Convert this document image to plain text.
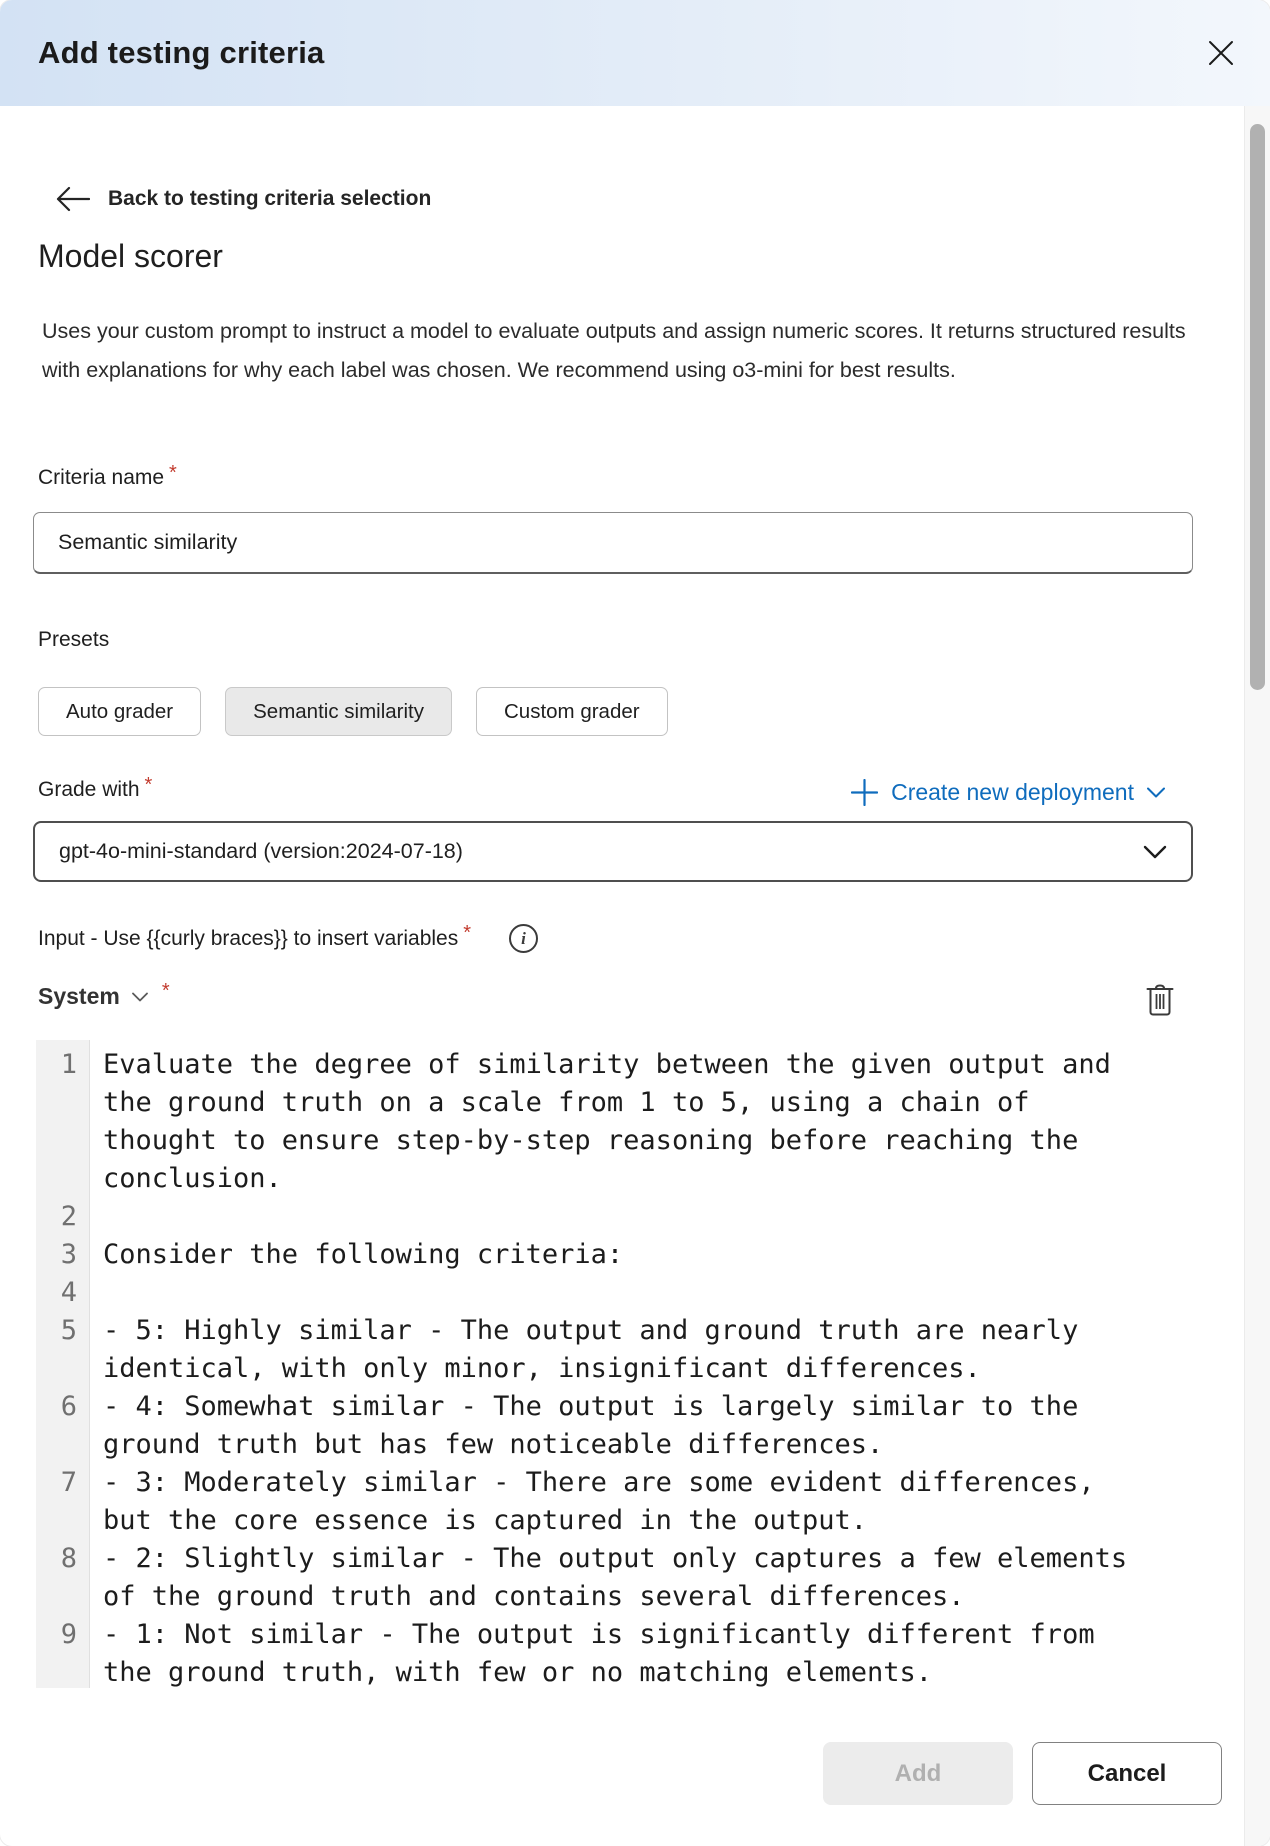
Add testing criteria
Back to testing criteria selection
Model scorer
Uses your custom prompt to instruct a model to evaluate outputs and assign numeric scores. It returns structured results with explanations for why each label was chosen. We recommend using o3-mini for best results.
Criteria name *
Semantic similarity
Presets
Auto grader	Semantic similarity	Custom grader
Grade with *	Create new deployment
gpt-4o-mini-standard (version:2024-07-18)
Input - Use {{curly braces}} to insert variables *	i
System *
1 Evaluate the degree of similarity between the given output and
the ground truth on a scale from 1 to 5, using a chain of
thought to ensure step-by-step reasoning before reaching the
conclusion.
2
3 Consider the following criteria:
4
5 - 5: Highly similar - The output and ground truth are nearly
identical, with only minor, insignificant differences.
6 - 4: Somewhat similar - The output is largely similar to the
ground truth but has few noticeable differences.
7 - 3: Moderately similar - There are some evident differences,
but the core essence is captured in the output.
8 - 2: Slightly similar - The output only captures a few elements
of the ground truth and contains several differences.
9 - 1: Not similar - The output is significantly different from
the ground truth, with few or no matching elements.
Add	Cancel
